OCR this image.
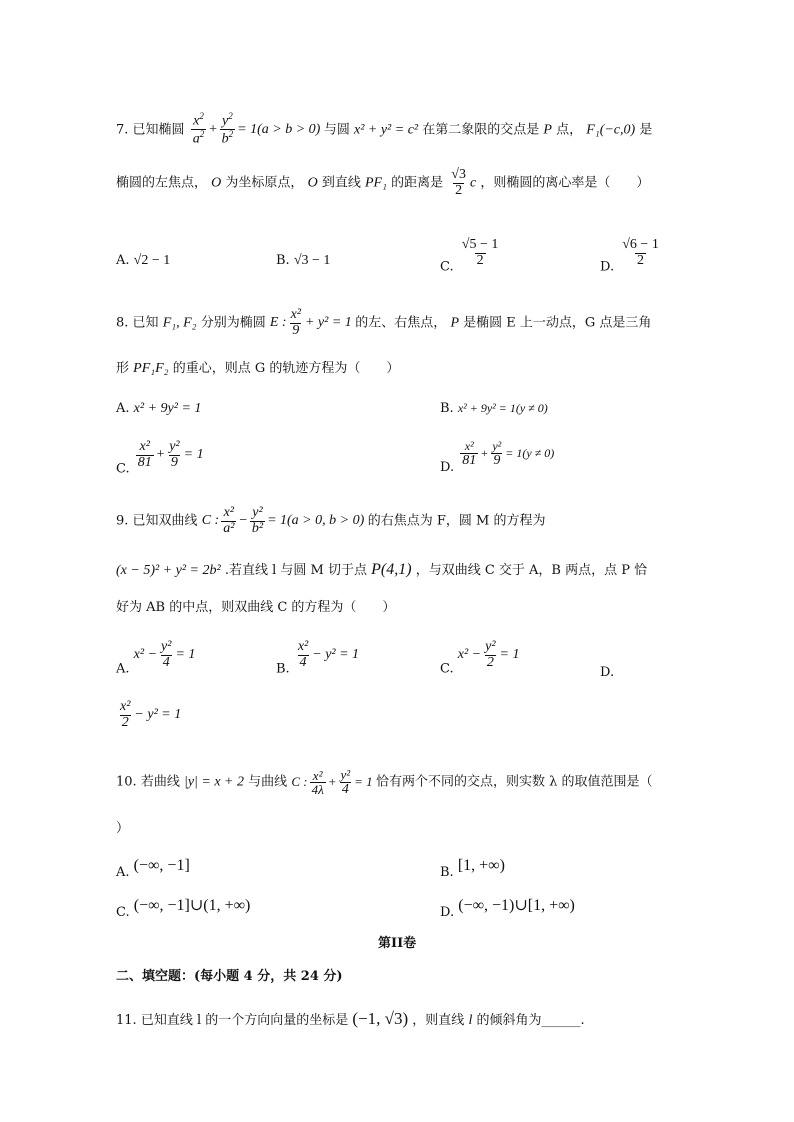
7. 已知椭圆 $\frac{x^2}{a^2} + \frac{y^2}{b^2} = 1(a > b > 0)$ 与圆 x² + y² = c² 在第二象限的交点是 P 点， F₁(−c,0) 是
椭圆的左焦点， O 为坐标原点， O 到直线 PF₁ 的距离是 $\frac{√3}{2}$ c ，则椭圆的离心率是（　　）
A. √2 − 1	B. √3 − 1	C. $\frac{√5 - 1}{2}$	D. $\frac{√6 - 1}{2}$
8. 已知 F₁, F₂ 分别为椭圆 E : $\frac{\text{x²}}{9} + y^2 = 1$ 的左、右焦点， P 是椭圆 E 上一动点，G 点是三角
形 PF₁F₂ 的重心，则点 G 的轨迹方程为（　　）
A. x² + 9y² = 1	B. x² + 9y² = 1(y ≠ 0)
C. $\frac{\text{x²}}{81} + \frac{\text{y²}}{9} = 1$
D. $\frac{\text{x²}}{81} + \frac{\text{y²}}{9} = 1(y \ne 0)$
9. 已知双曲线 C : $\frac{\text{x²}}{\text{a²}} - \frac{\text{y²}}{\text{b²}} = 1(a > 0$, b > 0) 的右焦点为 F，圆 M 的方程为
(x − 5)² + y² = 2b² .若直线 l 与圆 M 切于点 P(4,1) ，与双曲线 C 交于 A，B 两点，点 P 恰
好为 AB 的中点，则双曲线 C 的方程为（　　）
A. $x^2 - \frac{\text{y²}}{4} = 1$
B. $\frac{\text{x²}}{4} - y^2 = 1$
C. $x^2 - \frac{\text{y²}}{2} = 1$
D.
$\frac{\text{x²}}{2} - y^2 = 1$
10. 若曲线 |y| = x + 2 与曲线 C : $\frac{\text{x²}}{4\lambda} + \frac{\text{y²}}{4} = 1$ 恰有两个不同的交点，则实数 λ 的取值范围是（
）
A. (−∞, −1]	B. [1, +∞)
C. (−∞, −1]∪(1, +∞)	D. (−∞, −1)∪[1, +∞)
第II卷
二、填空题：(每小题 4 分，共 24 分)
11. 已知直线 l 的一个方向向量的坐标是 (−1, √3) ，则直线 l 的倾斜角为______.
